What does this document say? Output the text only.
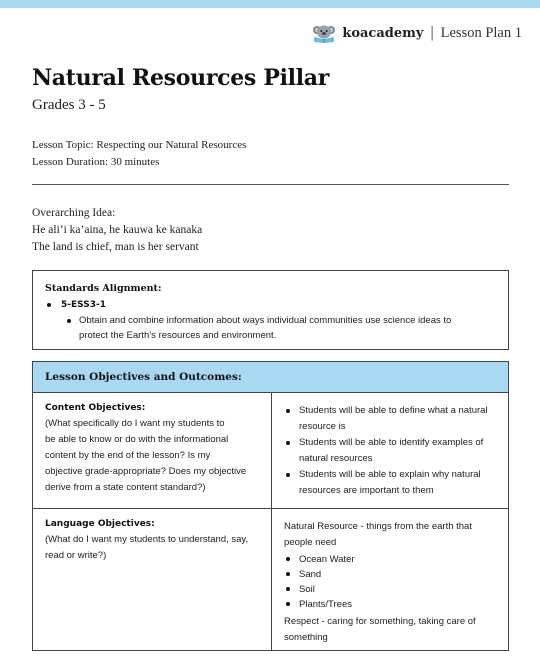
koacademy | Lesson Plan 1
Natural Resources Pillar
Grades 3 - 5
Lesson Topic: Respecting our Natural Resources
Lesson Duration: 30 minutes
Overarching Idea:
He ali’i ka’aina, he kauwa ke kanaka
The land is chief, man is her servant
Standards Alignment:
5-ESS3-1
Obtain and combine information about ways individual communities use science ideas to
protect the Earth’s resources and environment.
Lesson Objectives and Outcomes:
Content Objectives:
(What specifically do I want my students to
be able to know or do with the informational
content by the end of the lesson? Is my
objective grade-appropriate? Does my objective
derive from a state content standard?)
Students will be able to define what a natural
resource is
Students will be able to identify examples of
natural resources
Students will be able to explain why natural
resources are important to them
Language Objectives:
(What do I want my students to understand, say,
read or write?)
Natural Resource - things from the earth that
people need
Ocean Water
Sand
Soil
Plants/Trees
Respect - caring for something, taking care of
something
